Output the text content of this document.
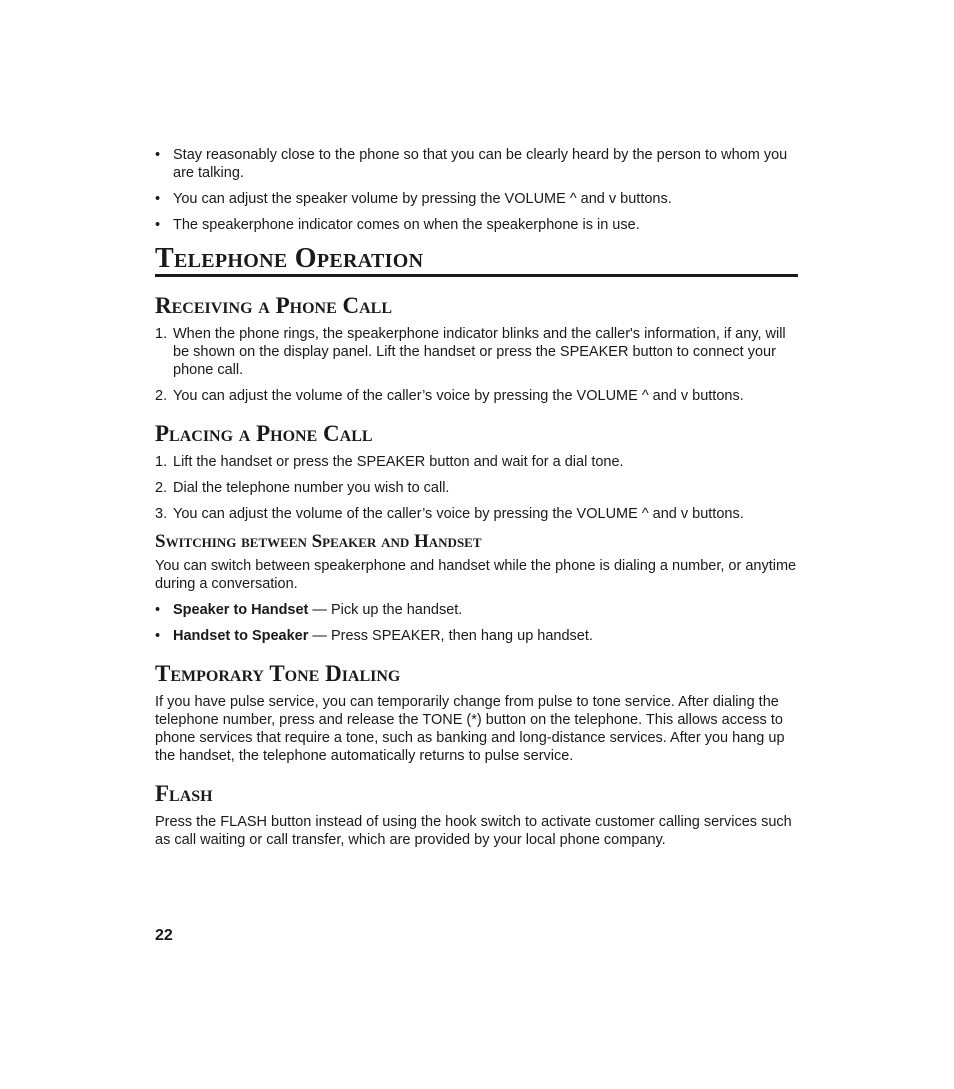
• Stay reasonably close to the phone so that you can be clearly heard by the person to whom you are talking.
• You can adjust the speaker volume by pressing the VOLUME ^ and v buttons.
• The speakerphone indicator comes on when the speakerphone is in use.
Telephone Operation
Receiving a Phone Call
1. When the phone rings, the speakerphone indicator blinks and the caller's information, if any, will be shown on the display panel. Lift the handset or press the SPEAKER button to connect your phone call.
2. You can adjust the volume of the caller’s voice by pressing the VOLUME ^ and v buttons.
Placing a Phone Call
1. Lift the handset or press the SPEAKER button and wait for a dial tone.
2. Dial the telephone number you wish to call.
3. You can adjust the volume of the caller’s voice by pressing the VOLUME ^ and v buttons.
Switching between Speaker and Handset

You can switch between speakerphone and handset while the phone is dialing a number, or anytime during a conversation.

• Speaker to Handset — Pick up the handset.
• Handset to Speaker — Press SPEAKER, then hang up handset.
Temporary Tone Dialing

If you have pulse service, you can temporarily change from pulse to tone service. After dialing the telephone number, press and release the TONE (*) button on the telephone. This allows access to phone services that require a tone, such as banking and long-distance services. After you hang up the handset, the telephone automatically returns to pulse service.

Flash

Press the FLASH button instead of using the hook switch to activate customer calling services such as call waiting or call transfer, which are provided by your local phone company.

22
